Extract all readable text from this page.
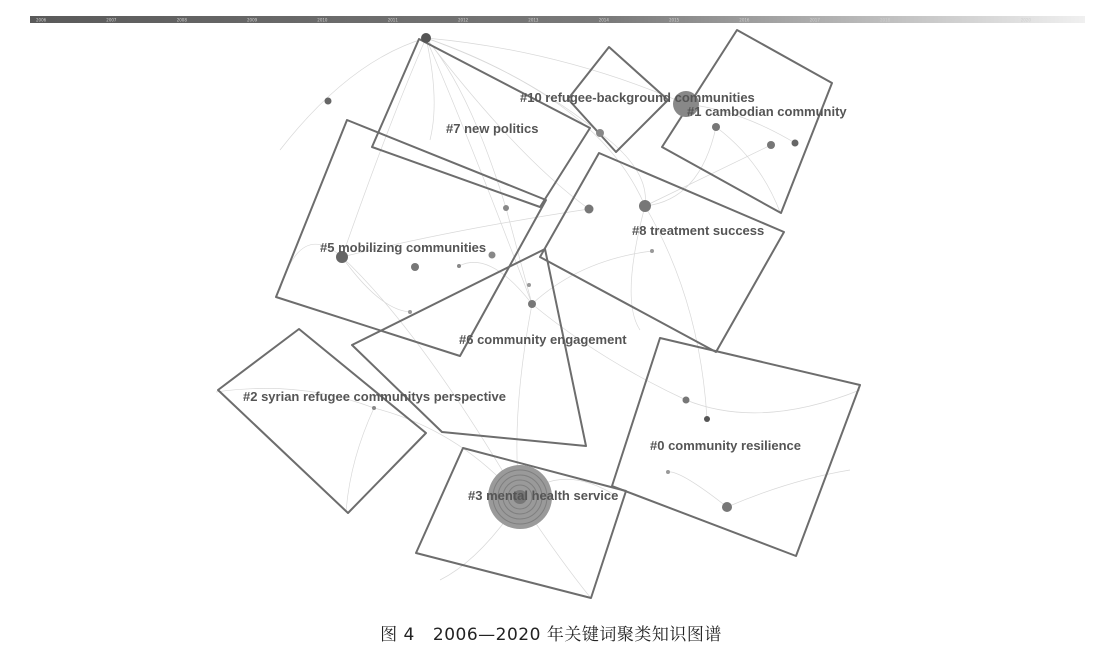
2006	2007	2008	2009	2010	2011	2012	2013	2014	2015	2016	2017	2018	2019	2020
#10 refugee-background communities
#1 cambodian community
#7 new politics
#8 treatment success
#5 mobilizing communities
#6 community engagement
#2 syrian refugee communitys perspective
#0 community resilience
#3 mental health service
图 4 2006—2020 年关键词聚类知识图谱
